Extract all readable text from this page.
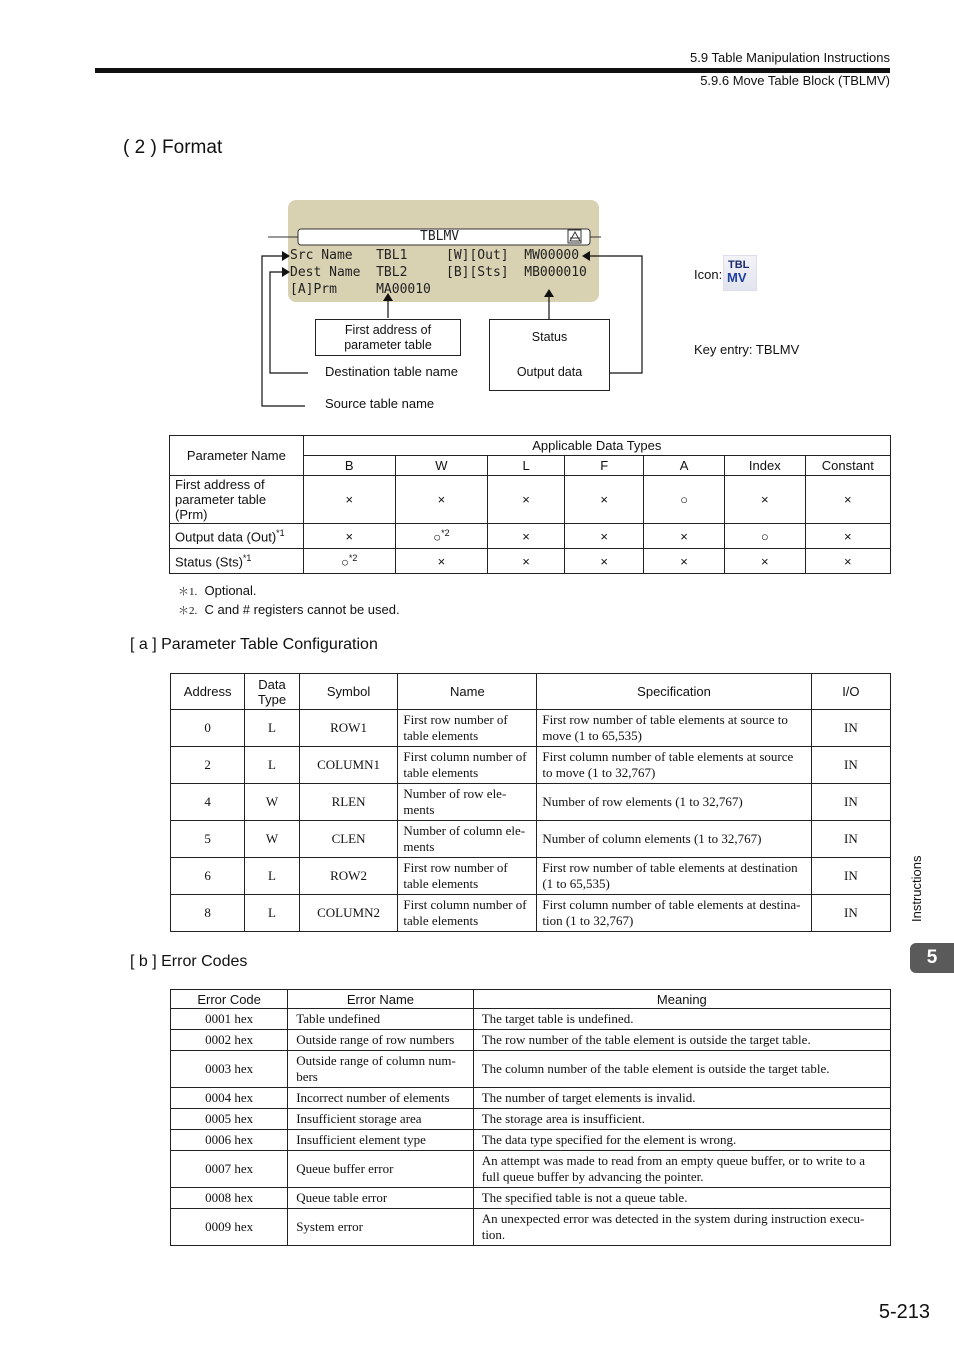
5.9 Table Manipulation Instructions
5.9.6 Move Table Block (TBLMV)
( 2 ) Format
TBLMV
Src Name   TBL1	[W][Out]  MW00000
Dest Name  TBL2	[B][Sts]  MB000010
[A]Prm     MA00010
First address of parameter table
Status
Output data
Destination table name
Source table name
Icon:
TBL
MV
Key entry: TBLMV
Parameter Name	Applicable Data Types						
	B	W	L	F	A	Index	Constant
First address of parameter table (Prm)	×	×	×	×	○	×	×
Output data (Out)$^{*1}$	×	○$^{*2}$	×	×	×	○	×
Status (Sts)$^{*1}$	○$^{*2}$	×	×	×	×	×	×
＊1. Optional.
＊2. C and # registers cannot be used.
[ a ] Parameter Table Configuration
Address	Data Type	Symbol	Name	Specification	I/O
0	L	ROW1	First row number of table elements	First row number of table elements at source to move (1 to 65,535)	IN
2	L	COLUMN1	First column number of table elements	First column number of table elements at source to move (1 to 32,767)	IN
4	W	RLEN	Number of row ele-ments	Number of row elements (1 to 32,767)	IN
5	W	CLEN	Number of column ele-ments	Number of column elements (1 to 32,767)	IN
6	L	ROW2	First row number of table elements	First row number of table elements at destination (1 to 65,535)	IN
8	L	COLUMN2	First column number of table elements	First column number of table elements at destina-tion (1 to 32,767)	IN
[ b ] Error Codes
Error Code	Error Name	Meaning
0001 hex	Table undefined	The target table is undefined.
0002 hex	Outside range of row numbers	The row number of the table element is outside the target table.
0003 hex	Outside range of column num-bers	The column number of the table element is outside the target table.
0004 hex	Incorrect number of elements	The number of target elements is invalid.
0005 hex	Insufficient storage area	The storage area is insufficient.
0006 hex	Insufficient element type	The data type specified for the element is wrong.
0007 hex	Queue buffer error	An attempt was made to read from an empty queue buffer, or to write to a full queue buffer by advancing the pointer.
0008 hex	Queue table error	The specified table is not a queue table.
0009 hex	System error	An unexpected error was detected in the system during instruction execu-tion.
Instructions
5
5-213
